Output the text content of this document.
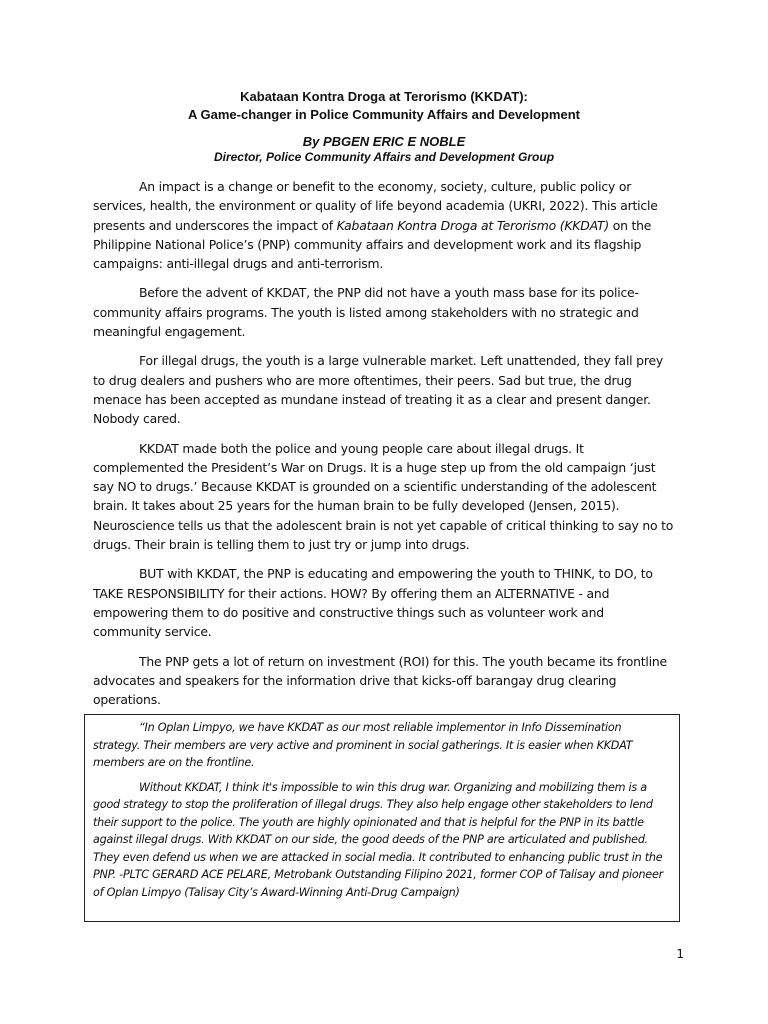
Kabataan Kontra Droga at Terorismo (KKDAT):
A Game-changer in Police Community Affairs and Development
By PBGEN ERIC E NOBLE
Director, Police Community Affairs and Development Group

An impact is a change or benefit to the economy, society, culture, public policy or services, health, the environment or quality of life beyond academia (UKRI, 2022). This article presents and underscores the impact of Kabataan Kontra Droga at Terorismo (KKDAT) on the Philippine National Police’s (PNP) community affairs and development work and its flagship campaigns: anti-illegal drugs and anti-terrorism.

Before the advent of KKDAT, the PNP did not have a youth mass base for its police-community affairs programs. The youth is listed among stakeholders with no strategic and meaningful engagement.

For illegal drugs, the youth is a large vulnerable market. Left unattended, they fall prey to drug dealers and pushers who are more oftentimes, their peers. Sad but true, the drug menace has been accepted as mundane instead of treating it as a clear and present danger. Nobody cared.

KKDAT made both the police and young people care about illegal drugs. It complemented the President’s War on Drugs. It is a huge step up from the old campaign ‘just say NO to drugs.’ Because KKDAT is grounded on a scientific understanding of the adolescent brain. It takes about 25 years for the human brain to be fully developed (Jensen, 2015). Neuroscience tells us that the adolescent brain is not yet capable of critical thinking to say no to drugs. Their brain is telling them to just try or jump into drugs.

BUT with KKDAT, the PNP is educating and empowering the youth to THINK, to DO, to TAKE RESPONSIBILITY for their actions. HOW? By offering them an ALTERNATIVE - and empowering them to do positive and constructive things such as volunteer work and community service.

The PNP gets a lot of return on investment (ROI) for this. The youth became its frontline advocates and speakers for the information drive that kicks-off barangay drug clearing operations.

“In Oplan Limpyo, we have KKDAT as our most reliable implementor in Info Dissemination strategy. Their members are very active and prominent in social gatherings. It is easier when KKDAT members are on the frontline.

Without KKDAT, I think it's impossible to win this drug war. Organizing and mobilizing them is a good strategy to stop the proliferation of illegal drugs. They also help engage other stakeholders to lend their support to the police. The youth are highly opinionated and that is helpful for the PNP in its battle against illegal drugs. With KKDAT on our side, the good deeds of the PNP are articulated and published. They even defend us when we are attacked in social media. It contributed to enhancing public trust in the PNP. -PLTC GERARD ACE PELARE, Metrobank Outstanding Filipino 2021, former COP of Talisay and pioneer of Oplan Limpyo (Talisay City’s Award-Winning Anti-Drug Campaign)

1
